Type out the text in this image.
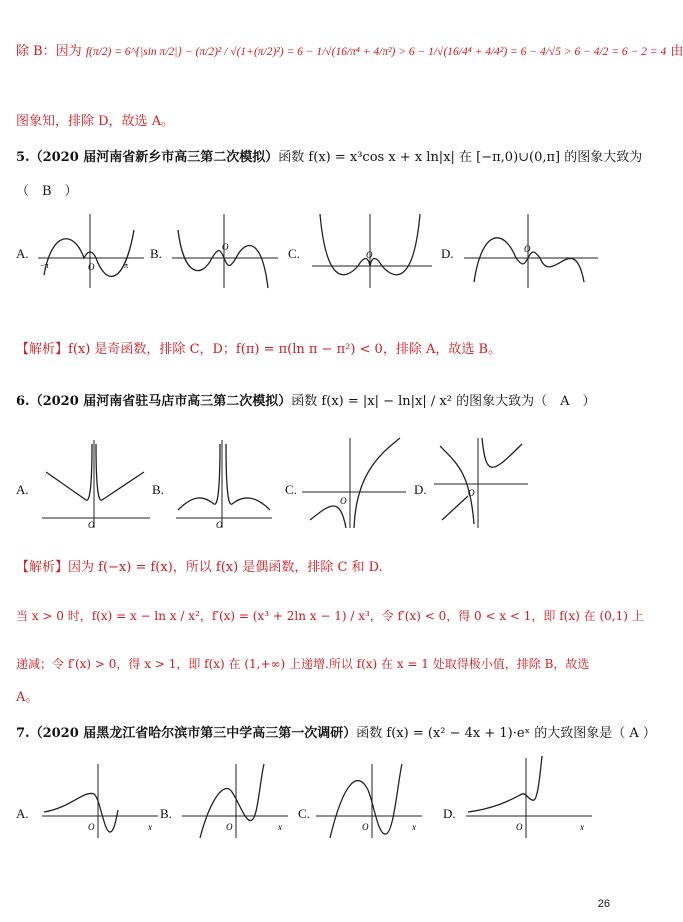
除 B：因为 f(π/2) = 6^{|sin π/2|} − (π/2)² / √(1+(π/2)²) = 6 − 1/√(16/π⁴ + 4/π²) > 6 − 1/√(16/4⁴ + 4/4²) = 6 − 4/√5 > 6 − 4/2 = 6 − 2 = 4 由
图象知，排除 D，故选 A。
5.（2020 届河南省新乡市高三第二次模拟）函数 f(x) = x³cos x + x ln|x| 在 [−π,0)∪(0,π] 的图象大致为
（　B　）
A.	B.	C.	D.
O
−π	π
O
O
O
【解析】f(x) 是奇函数，排除 C，D；f(π) = π(ln π − π²) < 0，排除 A，故选 B。
6.（2020 届河南省驻马店市高三第二次模拟）函数 f(x) = |x| − ln|x| / x² 的图象大致为（　A　）
A.	B.	C.	D.
O	O
O
O
【解析】因为 f(−x) = f(x)，所以 f(x) 是偶函数，排除 C 和 D.
当 x > 0 时，f(x) = x − ln x / x²，f′(x) = (x³ + 2ln x − 1) / x³，令 f′(x) < 0，得 0 < x < 1，即 f(x) 在 (0,1) 上
递减；令 f′(x) > 0，得 x > 1，即 f(x) 在 (1,+∞) 上递增.所以 f(x) 在 x = 1 处取得极小值，排除 B，故选
A。
7.（2020 届黑龙江省哈尔滨市第三中学高三第一次调研）函数 f(x) = (x² − 4x + 1)·eˣ 的大致图象是（ A ）
A.	B.	C.	D.
O	x	O	x	O	x	O	x
26
